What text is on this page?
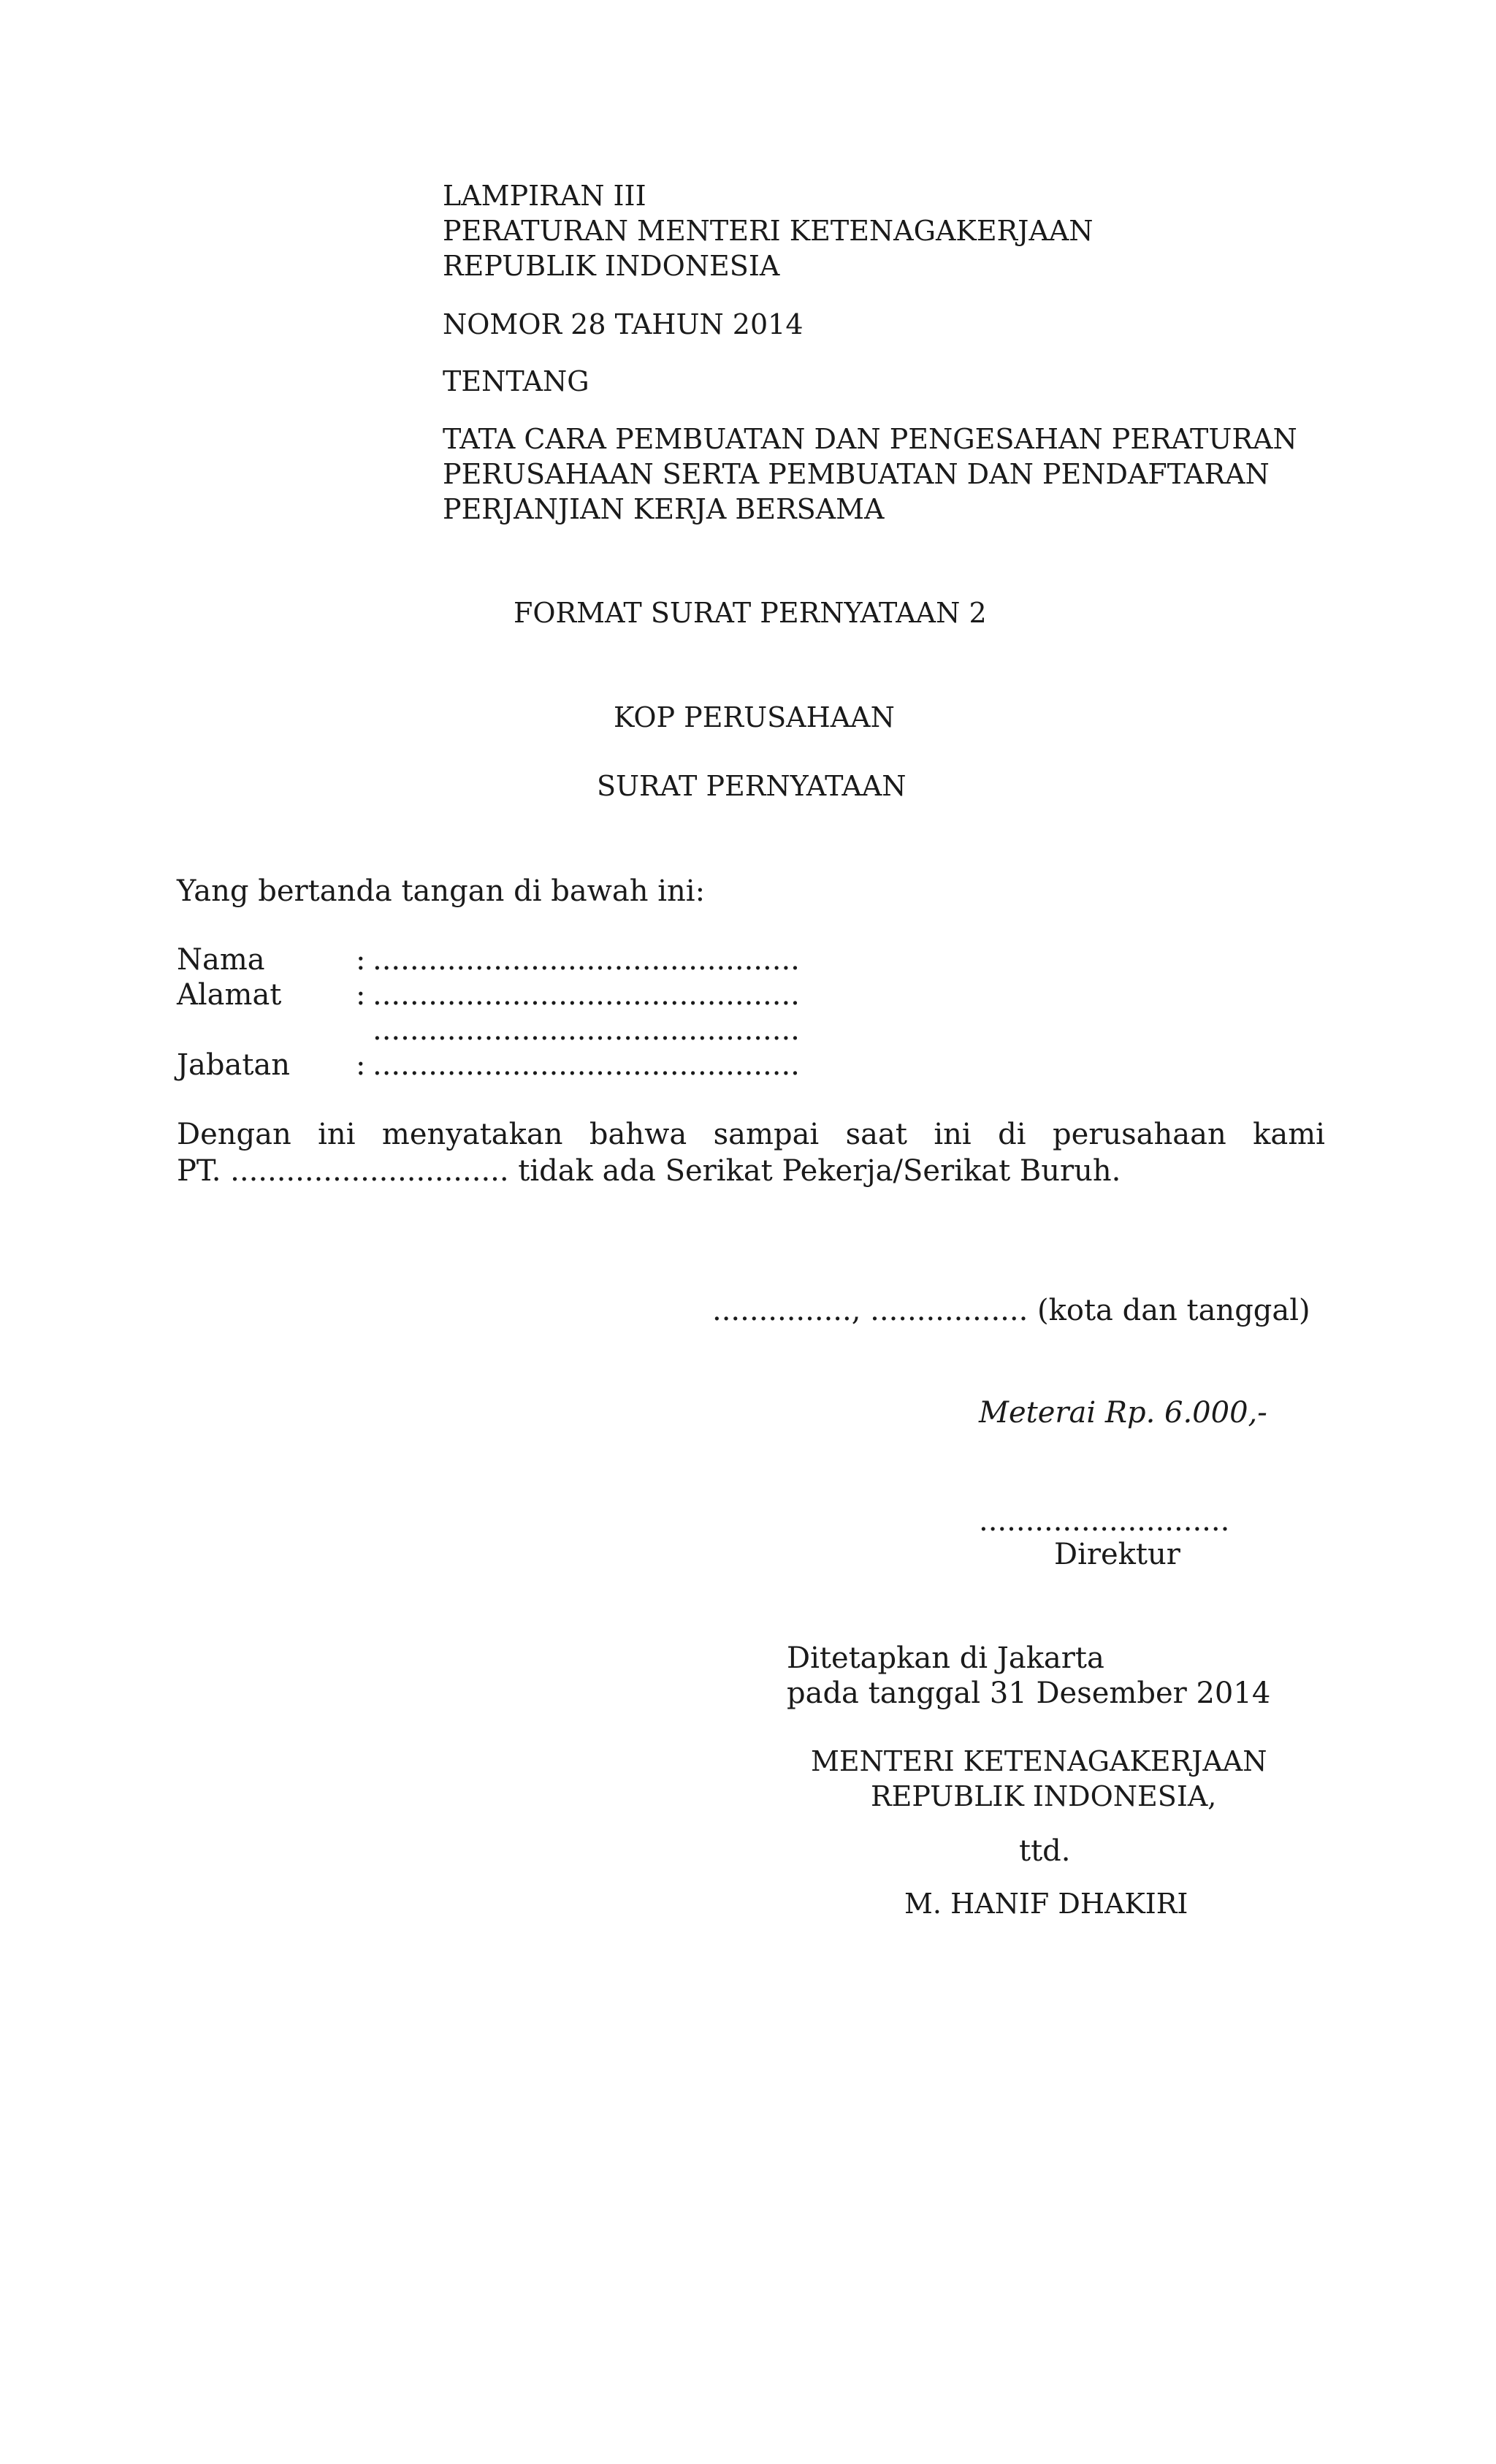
LAMPIRAN III
PERATURAN MENTERI KETENAGAKERJAAN
REPUBLIK INDONESIA
NOMOR 28 TAHUN 2014
TENTANG
TATA CARA PEMBUATAN DAN PENGESAHAN PERATURAN
PERUSAHAAN SERTA PEMBUATAN DAN PENDAFTARAN
PERJANJIAN KERJA BERSAMA
FORMAT SURAT PERNYATAAN 2
KOP PERUSAHAAN
SURAT PERNYATAAN
Yang bertanda tangan di bawah ini:
Nama	: ..............................................
Alamat	: ..............................................
..............................................
Jabatan : ..............................................
Dengan ini menyatakan bahwa sampai saat ini di perusahaan kami
PT. .............................. tidak ada Serikat Pekerja/Serikat Buruh.
..............., ................. (kota dan tanggal)
Meterai Rp. 6.000,-
...........................
Direktur
Ditetapkan di Jakarta
pada tanggal 31 Desember 2014
MENTERI KETENAGAKERJAAN
REPUBLIK INDONESIA,
ttd.
M. HANIF DHAKIRI
